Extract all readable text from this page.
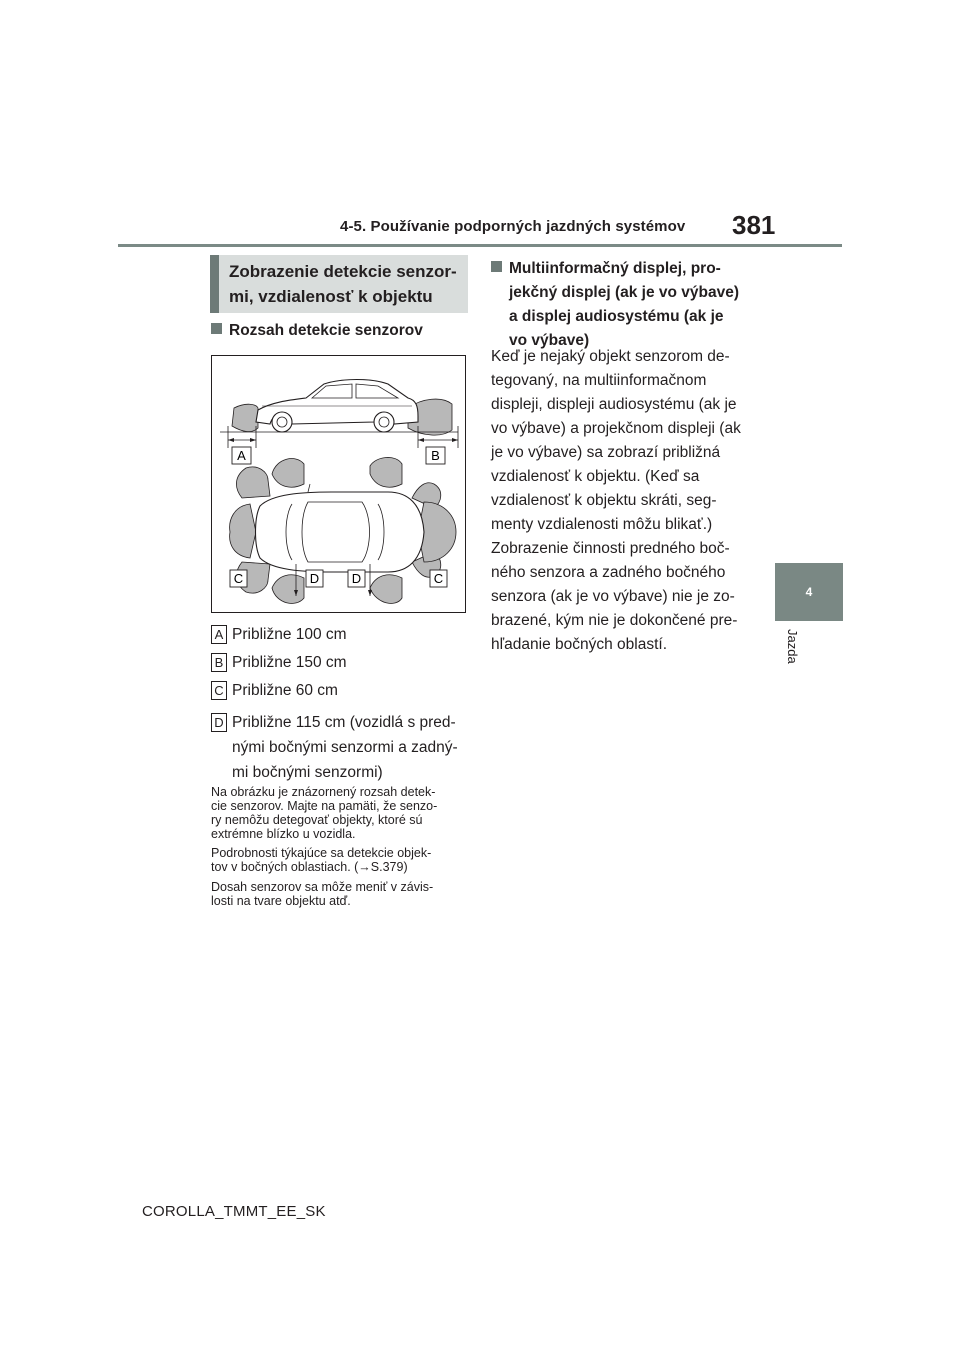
4-5. Používanie podporných jazdných systémov 381
4
Jazda
Zobrazenie detekcie senzor-
mi, vzdialenosť k objektu
Rozsah detekcie senzorov
A	B
C	D	D	C
A Približne 100 cm
B Približne 150 cm
C Približne 60 cm
D Približne 115 cm (vozidlá s pred-
nými bočnými senzormi a zadný-
mi bočnými senzormi)
Na obrázku je znázornený rozsah detek-
cie senzorov. Majte na pamäti, že senzo-
ry nemôžu detegovať objekty, ktoré sú
extrémne blízko u vozidla.
Podrobnosti týkajúce sa detekcie objek-
tov v bočných oblastiach. (→S.379)
Dosah senzorov sa môže meniť v závis-
losti na tvare objektu atď.
Multiinformačný displej, pro-
jekčný displej (ak je vo výbave)
a displej audiosystému (ak je
vo výbave)
Keď je nejaký objekt senzorom de-
tegovaný, na multiinformačnom
displeji, displeji audiosystému (ak je
vo výbave) a projekčnom displeji (ak
je vo výbave) sa zobrazí približná
vzdialenosť k objektu. (Keď sa
vzdialenosť k objektu skráti, seg-
menty vzdialenosti môžu blikať.)
Zobrazenie činnosti predného boč-
ného senzora a zadného bočného
senzora (ak je vo výbave) nie je zo-
brazené, kým nie je dokončené pre-
hľadanie bočných oblastí.
COROLLA_TMMT_EE_SK
